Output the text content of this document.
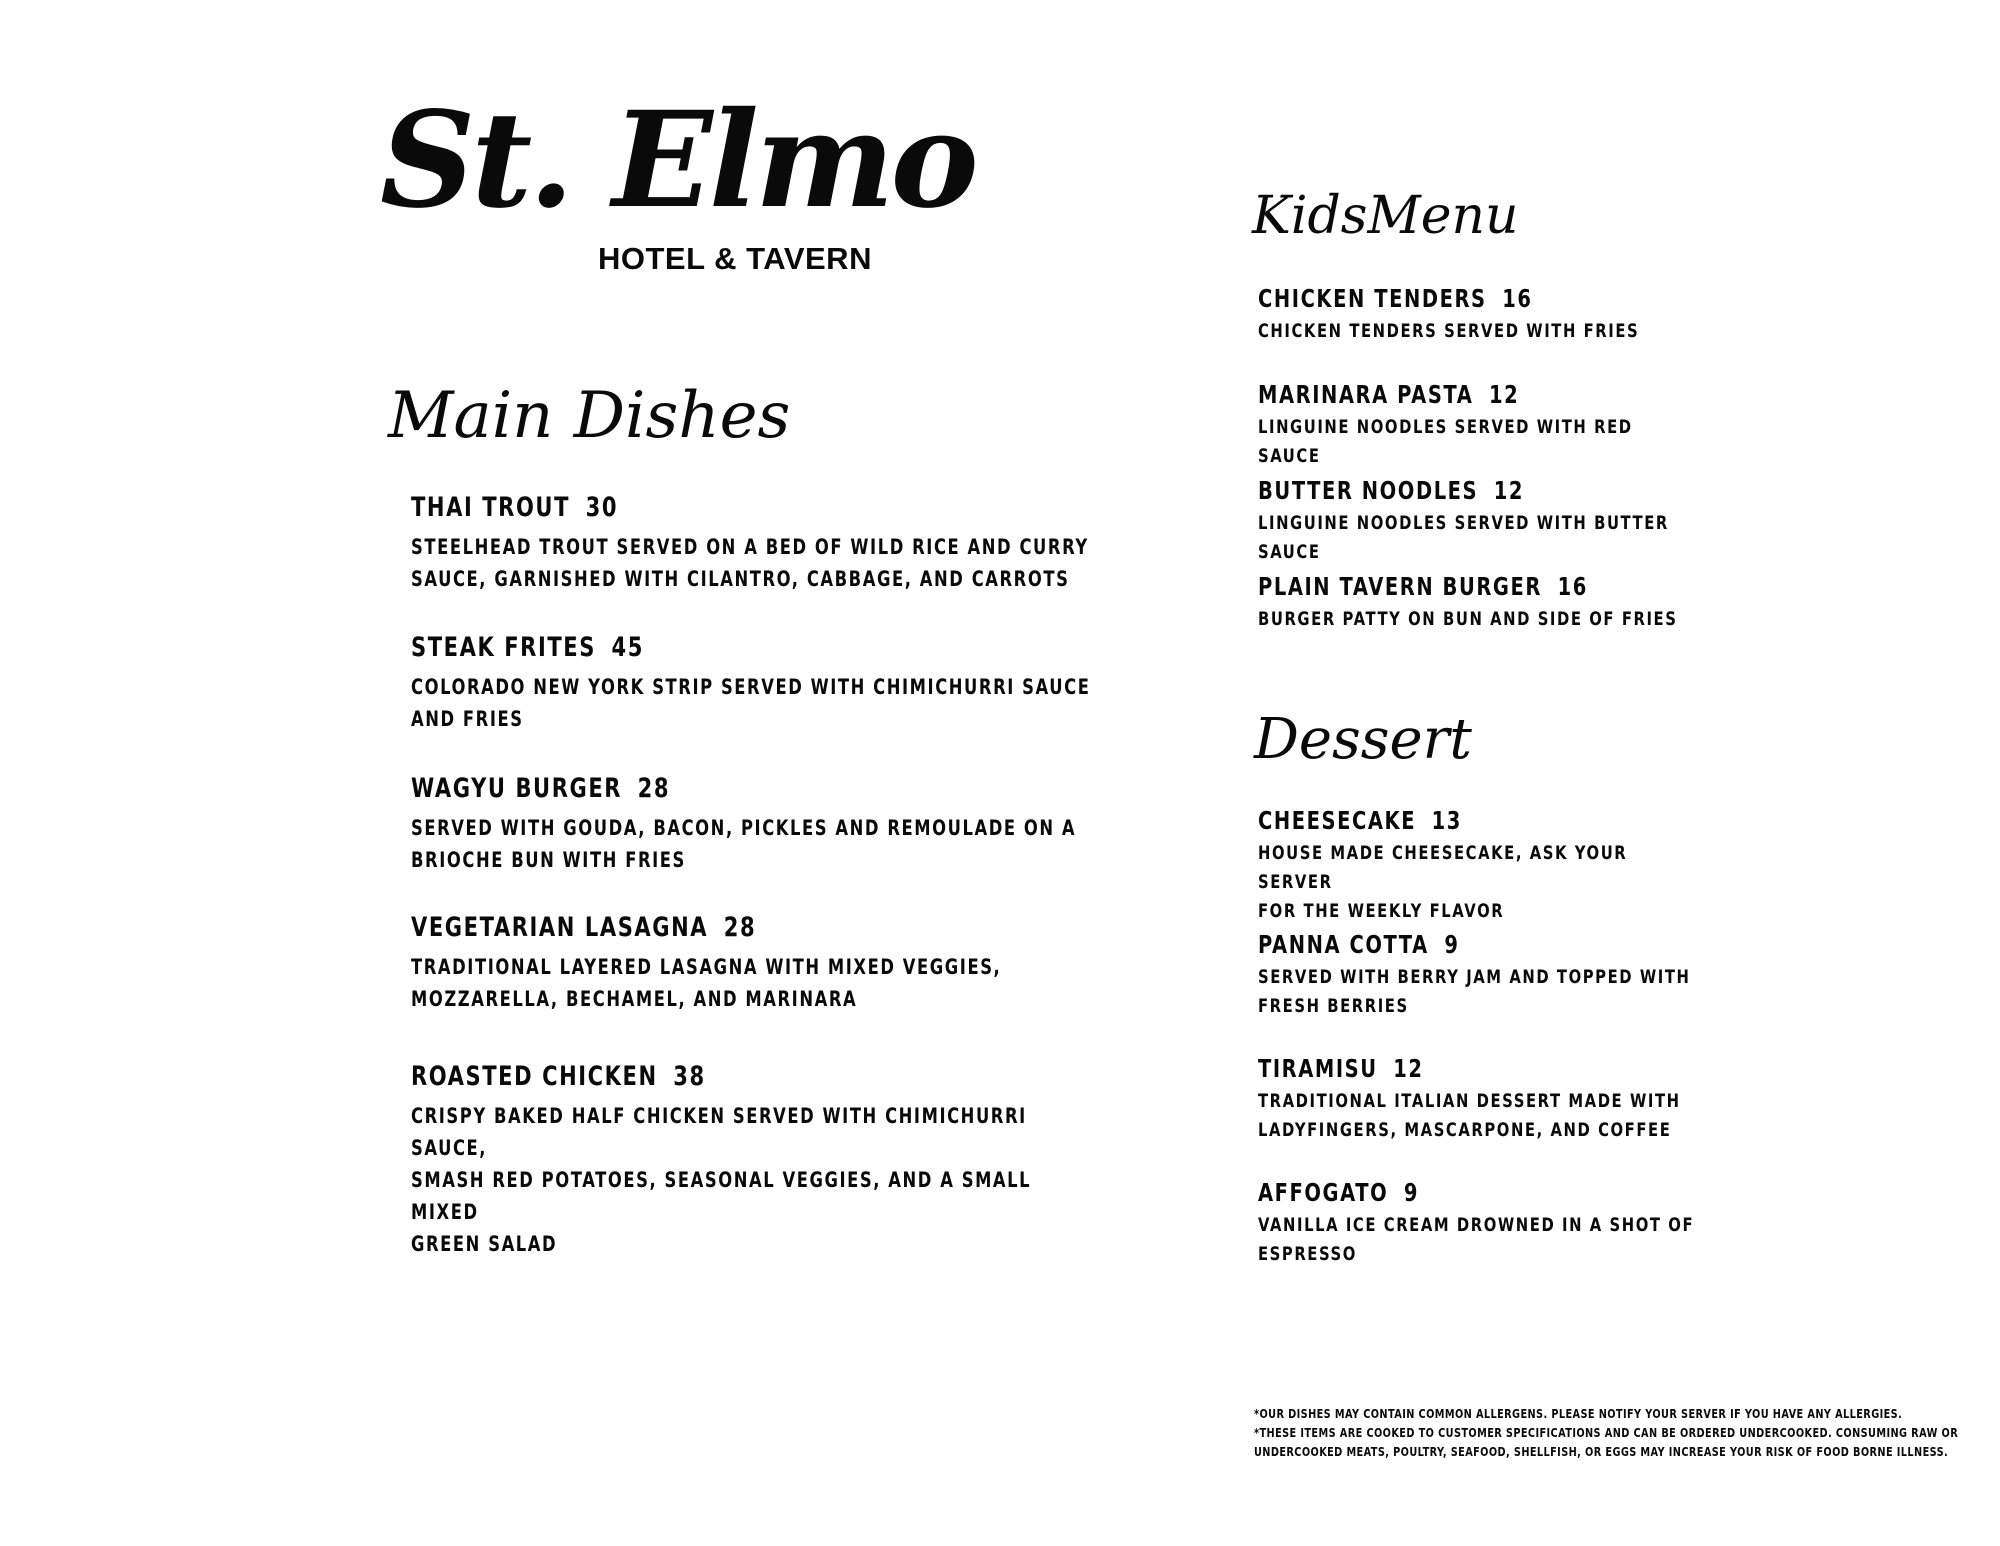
St. Elmo
HOTEL & TAVERN
Main Dishes
THAI TROUT 30
STEELHEAD TROUT SERVED ON A BED OF WILD RICE AND CURRY
SAUCE, GARNISHED WITH CILANTRO, CABBAGE, AND CARROTS
STEAK FRITES 45
COLORADO NEW YORK STRIP SERVED WITH CHIMICHURRI SAUCE
AND FRIES
WAGYU BURGER 28
SERVED WITH GOUDA, BACON, PICKLES AND REMOULADE ON A
BRIOCHE BUN WITH FRIES
VEGETARIAN LASAGNA 28
TRADITIONAL LAYERED LASAGNA WITH MIXED VEGGIES,
MOZZARELLA, BECHAMEL, AND MARINARA
ROASTED CHICKEN 38
CRISPY BAKED HALF CHICKEN SERVED WITH CHIMICHURRI SAUCE,
SMASH RED POTATOES, SEASONAL VEGGIES, AND A SMALL MIXED
GREEN SALAD
KidsMenu
CHICKEN TENDERS 16
CHICKEN TENDERS SERVED WITH FRIES
MARINARA PASTA 12
LINGUINE NOODLES SERVED WITH RED SAUCE
BUTTER NOODLES 12
LINGUINE NOODLES SERVED WITH BUTTER SAUCE
PLAIN TAVERN BURGER 16
BURGER PATTY ON BUN AND SIDE OF FRIES
Dessert
CHEESECAKE 13
HOUSE MADE CHEESECAKE, ASK YOUR SERVER
FOR THE WEEKLY FLAVOR
PANNA COTTA 9
SERVED WITH BERRY JAM AND TOPPED WITH
FRESH BERRIES
TIRAMISU 12
TRADITIONAL ITALIAN DESSERT MADE WITH
LADYFINGERS, MASCARPONE, AND COFFEE
AFFOGATO 9
VANILLA ICE CREAM DROWNED IN A SHOT OF
ESPRESSO
*OUR DISHES MAY CONTAIN COMMON ALLERGENS. PLEASE NOTIFY YOUR SERVER IF YOU HAVE ANY ALLERGIES.
*THESE ITEMS ARE COOKED TO CUSTOMER SPECIFICATIONS AND CAN BE ORDERED UNDERCOOKED. CONSUMING RAW OR
UNDERCOOKED MEATS, POULTRY, SEAFOOD, SHELLFISH, OR EGGS MAY INCREASE YOUR RISK OF FOOD BORNE ILLNESS.
